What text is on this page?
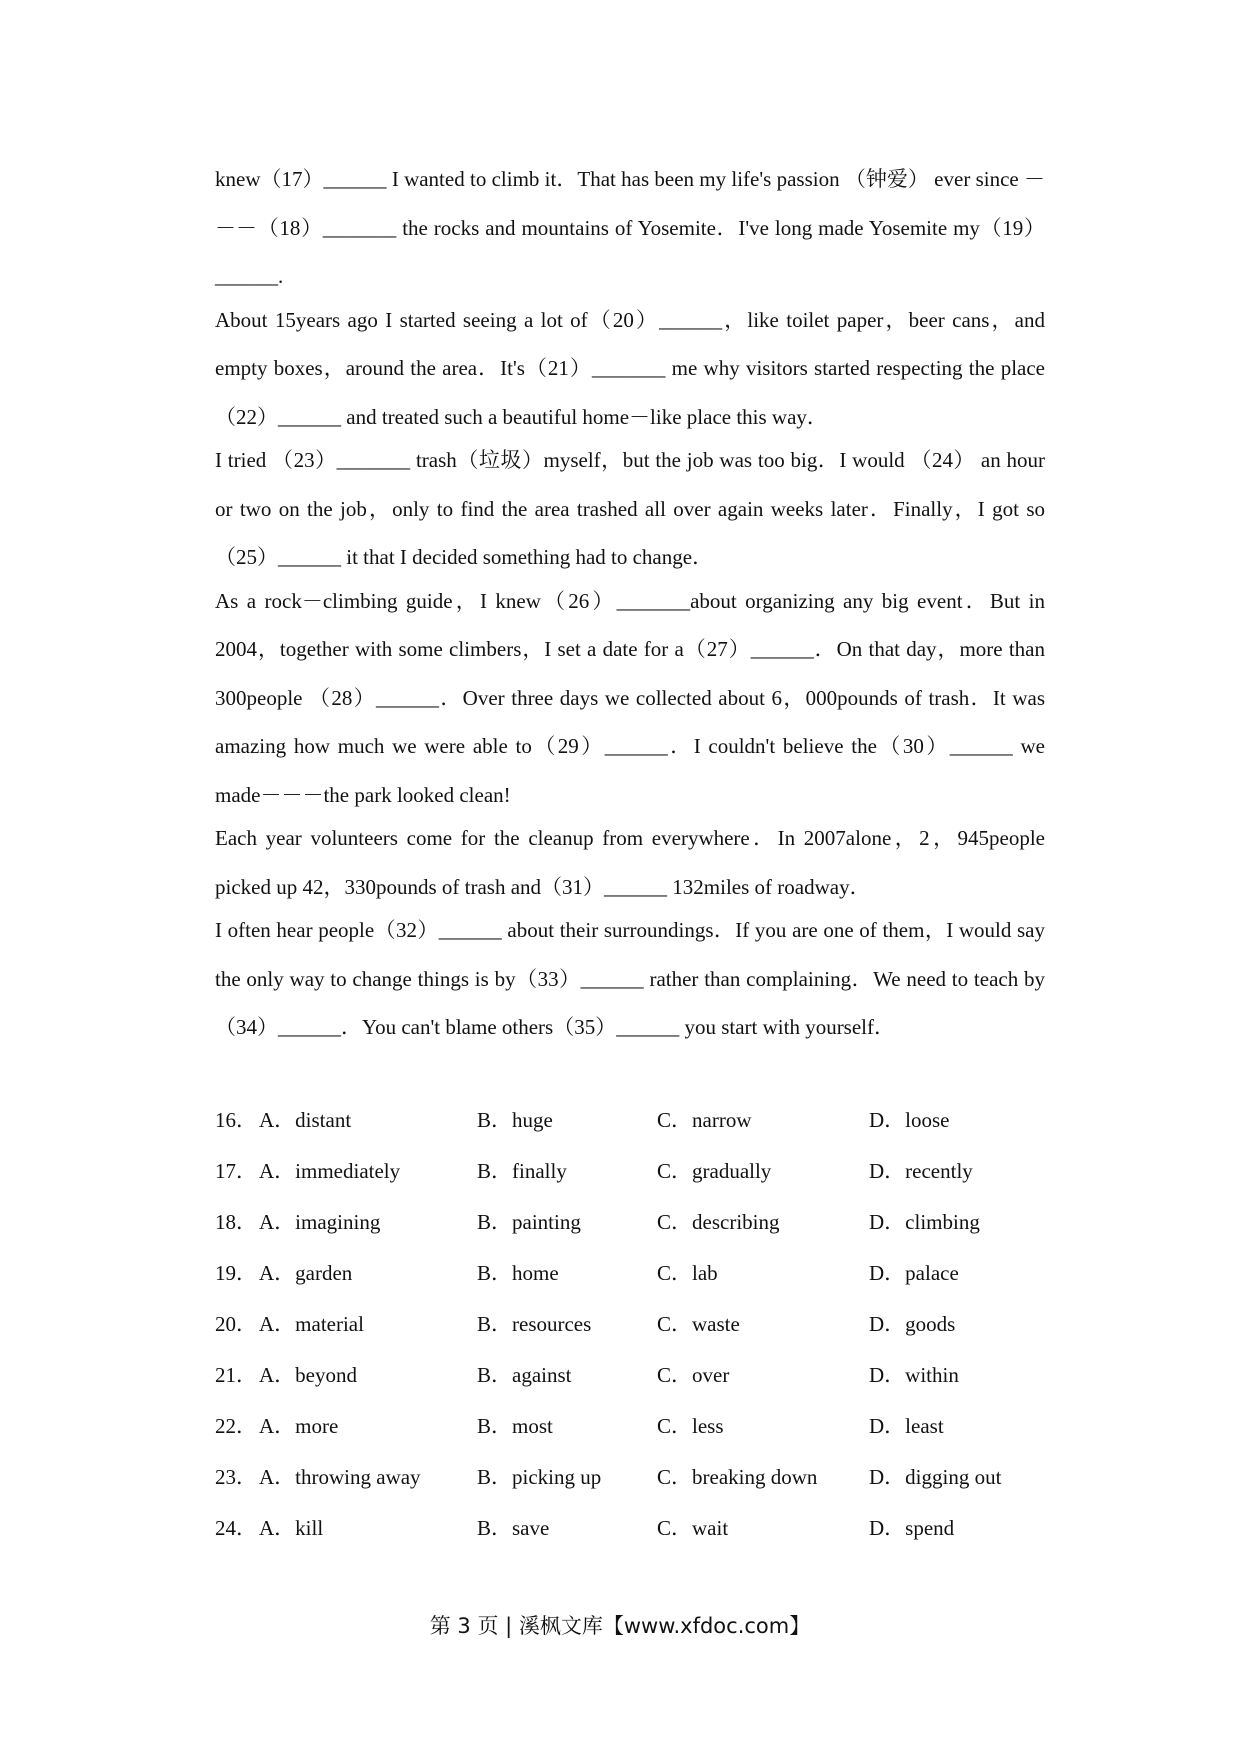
knew（17）______ I wanted to climb it．That has been my life's passion （钟爱） ever since －－－（18）_______ the rocks and mountains of Yosemite．I've long made Yosemite my（19）______.

About 15years ago I started seeing a lot of（20）______，like toilet paper，beer cans，and empty boxes，around the area．It's（21）_______ me why visitors started respecting the place（22）______ and treated such a beautiful home－like place this way．

I tried （23）_______ trash（垃圾）myself，but the job was too big．I would （24） an hour or two on the job，only to find the area trashed all over again weeks later．Finally，I got so（25）______ it that I decided something had to change．

As a rock－climbing guide，I knew（26）_______about organizing any big event．But in 2004，together with some climbers，I set a date for a（27）______．On that day，more than 300people （28）______．Over three days we collected about 6，000pounds of trash．It was amazing how much we were able to（29）______．I couldn't believe the（30）______ we made－－－the park looked clean!

Each year volunteers come for the cleanup from everywhere．In 2007alone，2，945people picked up 42，330pounds of trash and（31）______ 132miles of roadway．

I often hear people（32）______ about their surroundings．If you are one of them，I would say the only way to change things is by（33）______ rather than complaining．We need to teach by （34）______．You can't blame others（35）______ you start with yourself．

16． A．distant	B．huge	C．narrow	D．loose
17． A．immediately	B．finally	C．gradually	D．recently
18． A．imagining	B．painting	C．describing	D．climbing
19． A．garden	B．home	C．lab	D．palace
20． A．material	B．resources	C．waste	D．goods
21． A．beyond	B．against	C．over	D．within
22． A．more	B．most	C．less	D．least
23． A．throwing away	B．picking up	C．breaking down D．digging out
24． A．kill	B．save	C．wait	D．spend
第 3 页 | 溪枫文库【www.xfdoc.com】
